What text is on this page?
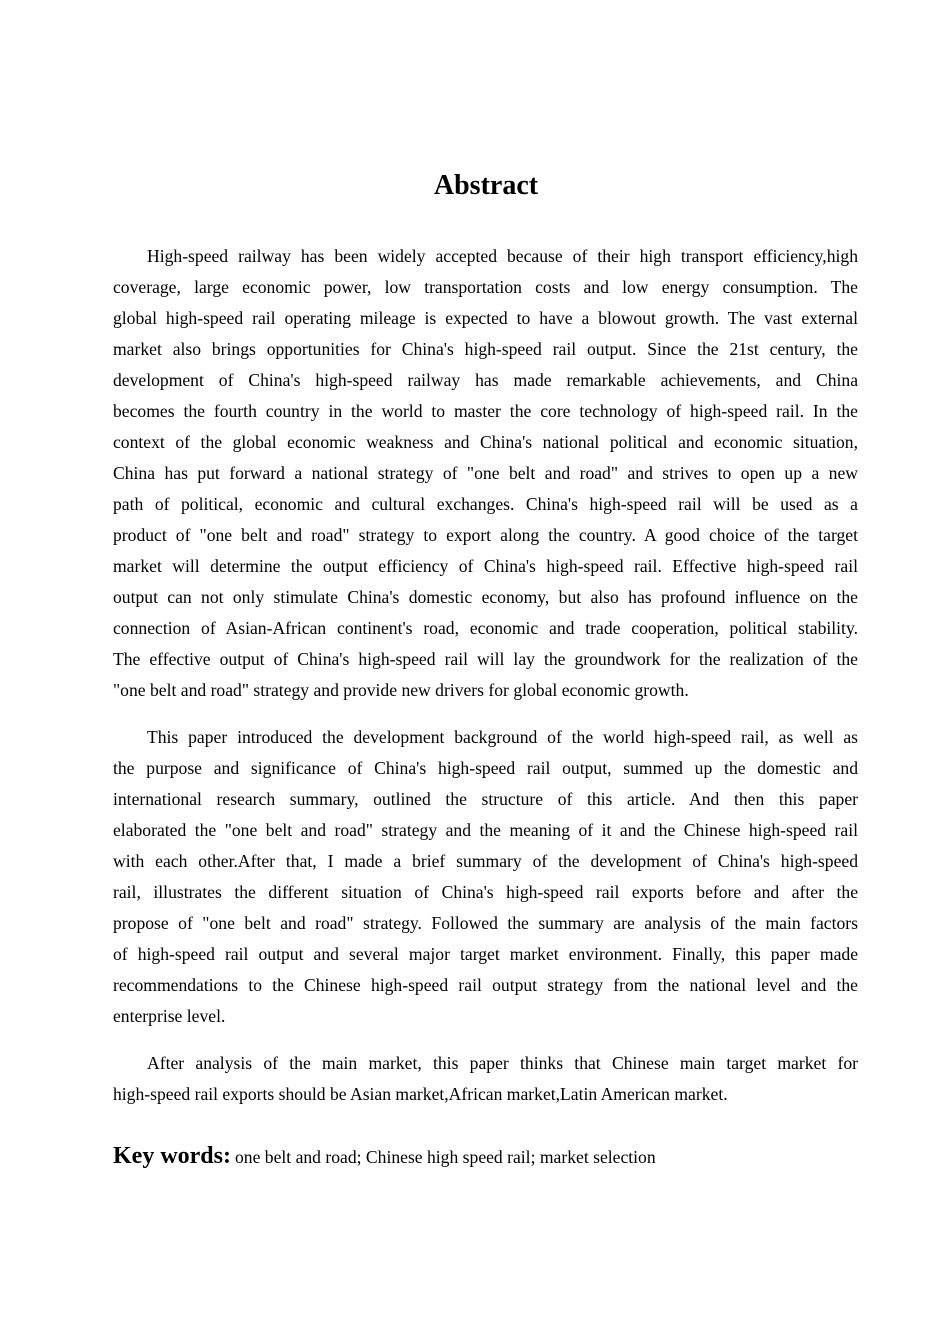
Abstract
High-speed railway has been widely accepted because of their high transport efficiency,high
coverage, large economic power, low transportation costs and low energy consumption. The
global high-speed rail operating mileage is expected to have a blowout growth. The vast external
market also brings opportunities for China's high-speed rail output. Since the 21st century, the
development of China's high-speed railway has made remarkable achievements, and China
becomes the fourth country in the world to master the core technology of high-speed rail. In the
context of the global economic weakness and China's national political and economic situation,
China has put forward a national strategy of "one belt and road" and strives to open up a new
path of political, economic and cultural exchanges. China's high-speed rail will be used as a
product of "one belt and road" strategy to export along the country. A good choice of the target
market will determine the output efficiency of China's high-speed rail. Effective high-speed rail
output can not only stimulate China's domestic economy, but also has profound influence on the
connection of Asian-African continent's road, economic and trade cooperation, political stability.
The effective output of China's high-speed rail will lay the groundwork for the realization of the
"one belt and road" strategy and provide new drivers for global economic growth.
This paper introduced the development background of the world high-speed rail, as well as
the purpose and significance of China's high-speed rail output, summed up the domestic and
international research summary, outlined the structure of this article. And then this paper
elaborated the "one belt and road" strategy and the meaning of it and the Chinese high-speed rail
with each other.After that, I made a brief summary of the development of China's high-speed
rail, illustrates the different situation of China's high-speed rail exports before and after the
propose of "one belt and road" strategy. Followed the summary are analysis of the main factors
of high-speed rail output and several major target market environment. Finally, this paper made
recommendations to the Chinese high-speed rail output strategy from the national level and the
enterprise level.
After analysis of the main market, this paper thinks that Chinese main target market for
high-speed rail exports should be Asian market,African market,Latin American market.
Key words: one belt and road; Chinese high speed rail; market selection
